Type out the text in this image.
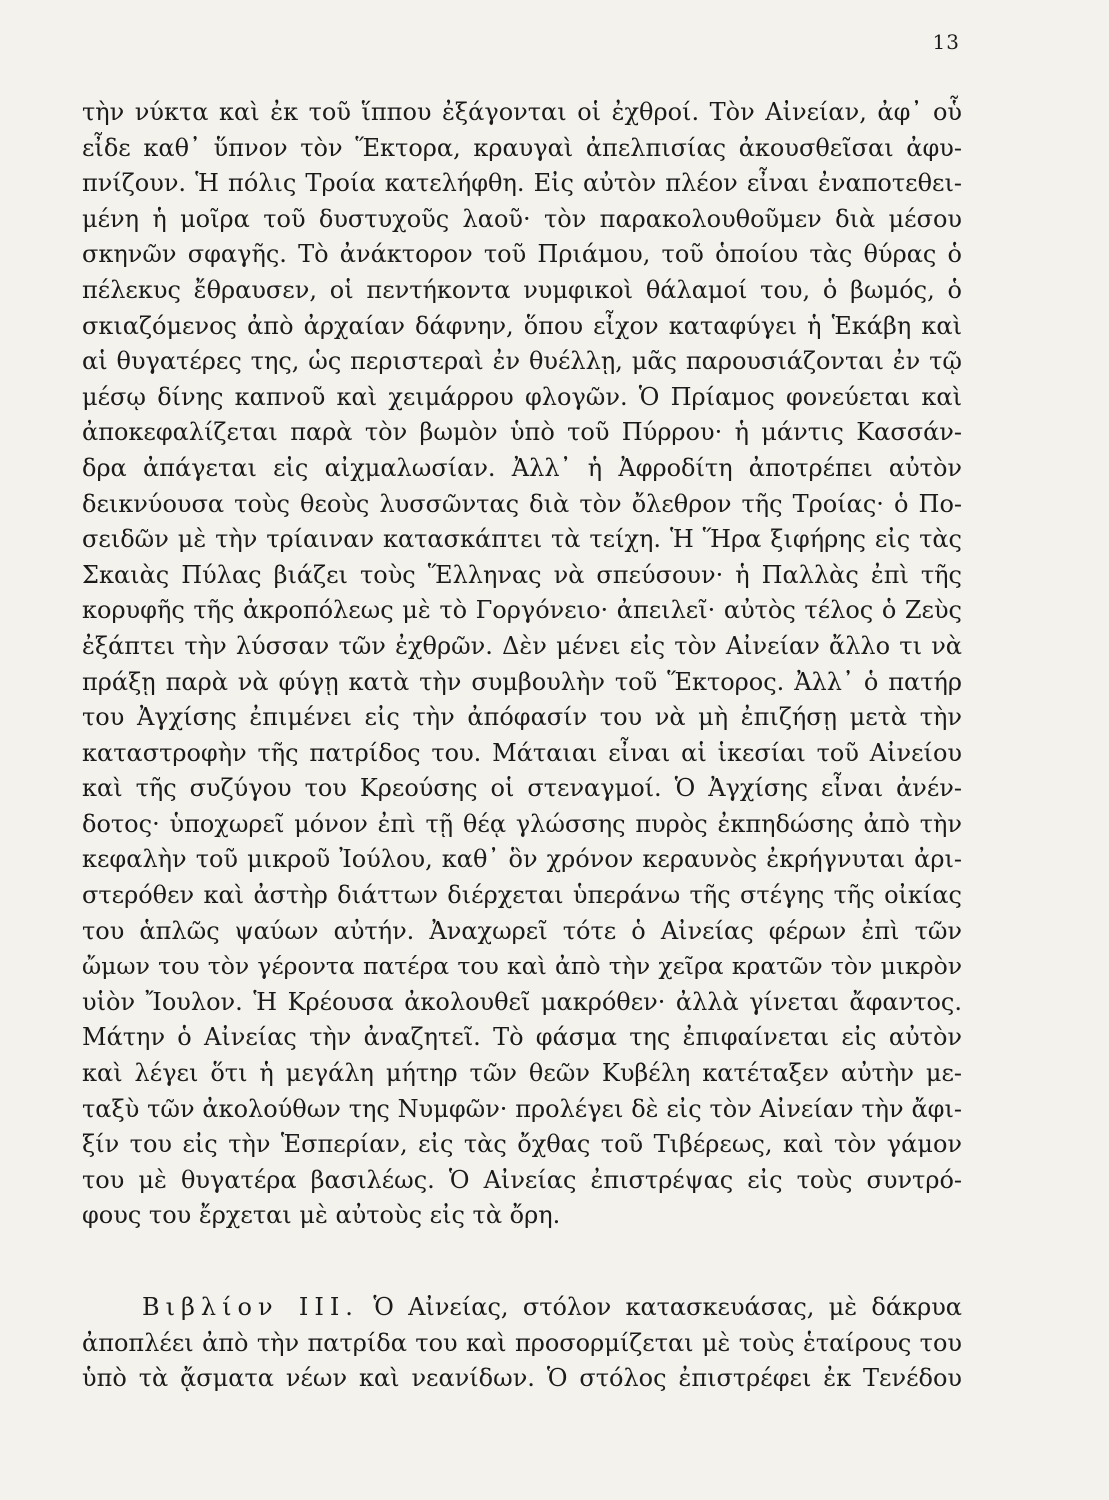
13
τὴν νύκτα καὶ ἐκ τοῦ ἵππου ἐξάγονται οἱ ἐχθροί. Τὸν Αἰνείαν, ἀφ᾽ οὗ
εἶδε καθ᾽ ὕπνον τὸν Ἕκτορα, κραυγαὶ ἀπελπισίας ἀκουσθεῖσαι ἀφυ-
πνίζουν. Ἡ πόλις Τροία κατελήφθη. Εἰς αὐτὸν πλέον εἶναι ἐναποτεθει-
μένη ἡ μοῖρα τοῦ δυστυχοῦς λαοῦ· τὸν παρακολουθοῦμεν διὰ μέσου
σκηνῶν σφαγῆς. Τὸ ἀνάκτορον τοῦ Πριάμου, τοῦ ὁποίου τὰς θύρας ὁ
πέλεκυς ἔθραυσεν, οἱ πεντήκοντα νυμφικοὶ θάλαμοί του, ὁ βωμός, ὁ
σκιαζόμενος ἀπὸ ἀρχαίαν δάφνην, ὅπου εἶχον καταφύγει ἡ Ἑκάβη καὶ
αἱ θυγατέρες της, ὡς περιστεραὶ ἐν θυέλλῃ, μᾶς παρουσιάζονται ἐν τῷ
μέσῳ δίνης καπνοῦ καὶ χειμάρρου φλογῶν. Ὁ Πρίαμος φονεύεται καὶ
ἀποκεφαλίζεται παρὰ τὸν βωμὸν ὑπὸ τοῦ Πύρρου· ἡ μάντις Κασσάν-
δρα ἀπάγεται εἰς αἰχμαλωσίαν. Ἀλλ᾽ ἡ Ἀφροδίτη ἀποτρέπει αὐτὸν
δεικνύουσα τοὺς θεοὺς λυσσῶντας διὰ τὸν ὄλεθρον τῆς Τροίας· ὁ Πο-
σειδῶν μὲ τὴν τρίαιναν κατασκάπτει τὰ τείχη. Ἡ Ἥρα ξιφήρης εἰς τὰς
Σκαιὰς Πύλας βιάζει τοὺς Ἕλληνας νὰ σπεύσουν· ἡ Παλλὰς ἐπὶ τῆς
κορυφῆς τῆς ἀκροπόλεως μὲ τὸ Γοργόνειο· ἀπειλεῖ· αὐτὸς τέλος ὁ Ζεὺς
ἐξάπτει τὴν λύσσαν τῶν ἐχθρῶν. Δὲν μένει εἰς τὸν Αἰνείαν ἄλλο τι νὰ
πράξῃ παρὰ νὰ φύγῃ κατὰ τὴν συμβουλὴν τοῦ Ἕκτορος. Ἀλλ᾽ ὁ πατήρ
του Ἀγχίσης ἐπιμένει εἰς τὴν ἀπόφασίν του νὰ μὴ ἐπιζήσῃ μετὰ τὴν
καταστροφὴν τῆς πατρίδος του. Μάταιαι εἶναι αἱ ἱκεσίαι τοῦ Αἰνείου
καὶ τῆς συζύγου του Κρεούσης οἱ στεναγμοί. Ὁ Ἀγχίσης εἶναι ἀνέν-
δοτος· ὑποχωρεῖ μόνον ἐπὶ τῇ θέᾳ γλώσσης πυρὸς ἐκπηδώσης ἀπὸ τὴν
κεφαλὴν τοῦ μικροῦ Ἰούλου, καθ᾽ ὃν χρόνον κεραυνὸς ἐκρήγνυται ἀρι-
στερόθεν καὶ ἀστὴρ διάττων διέρχεται ὑπεράνω τῆς στέγης τῆς οἰκίας
του ἁπλῶς ψαύων αὐτήν. Ἀναχωρεῖ τότε ὁ Αἰνείας φέρων ἐπὶ τῶν
ὤμων του τὸν γέροντα πατέρα του καὶ ἀπὸ τὴν χεῖρα κρατῶν τὸν μικρὸν
υἱὸν Ἴουλον. Ἡ Κρέουσα ἀκολουθεῖ μακρόθεν· ἀλλὰ γίνεται ἄφαντος.
Μάτην ὁ Αἰνείας τὴν ἀναζητεῖ. Τὸ φάσμα της ἐπιφαίνεται εἰς αὐτὸν
καὶ λέγει ὅτι ἡ μεγάλη μήτηρ τῶν θεῶν Κυβέλη κατέταξεν αὐτὴν με-
ταξὺ τῶν ἀκολούθων της Νυμφῶν· προλέγει δὲ εἰς τὸν Αἰνείαν τὴν ἄφι-
ξίν του εἰς τὴν Ἑσπερίαν, εἰς τὰς ὄχθας τοῦ Τιβέρεως, καὶ τὸν γάμον
του μὲ θυγατέρα βασιλέως. Ὁ Αἰνείας ἐπιστρέψας εἰς τοὺς συντρό-
φους του ἔρχεται μὲ αὐτοὺς εἰς τὰ ὄρη.
Βιβλίον ΙΙΙ. Ὁ Αἰνείας, στόλον κατασκευάσας, μὲ δάκρυα
ἀποπλέει ἀπὸ τὴν πατρίδα του καὶ προσορμίζεται μὲ τοὺς ἑταίρους του
ὑπὸ τὰ ᾄσματα νέων καὶ νεανίδων. Ὁ στόλος ἐπιστρέφει ἐκ Τενέδου
